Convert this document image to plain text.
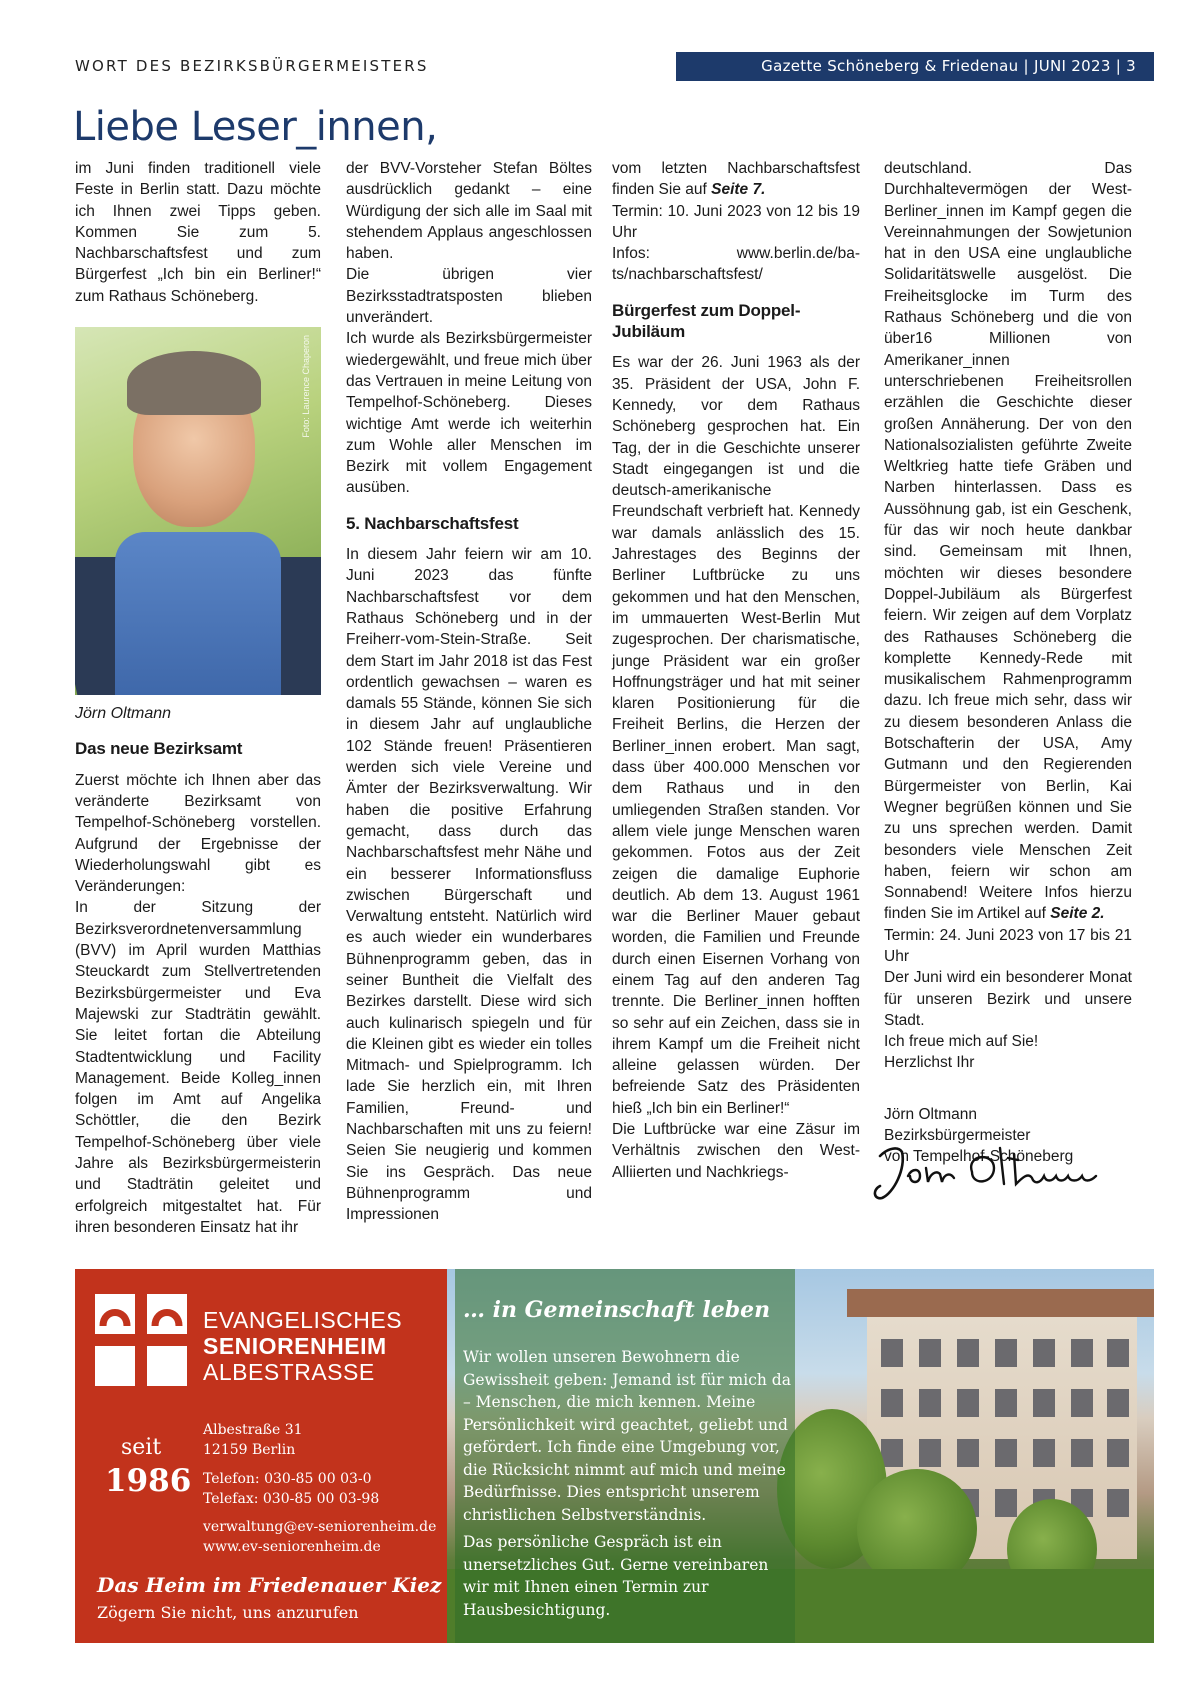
WORT DES BEZIRKSBÜRGERMEISTERS	Gazette Schöneberg & Friedenau | JUNI 2023 | 3
Liebe Leser_innen,

im Juni finden traditionell viele Feste in Berlin statt. Dazu möchte ich Ihnen zwei Tipps geben. Kommen Sie zum 5. Nachbarschaftsfest und zum Bürgerfest „Ich bin ein Berliner!“ zum Rathaus Schöneberg.

Foto: Laurence Chaperon

Jörn Oltmann

Das neue Bezirksamt

Zuerst möchte ich Ihnen aber das veränderte Bezirksamt von Tempelhof-Schöneberg vorstellen. Aufgrund der Ergebnisse der Wiederholungswahl gibt es Veränderungen:

In der Sitzung der Bezirksverordnetenversammlung (BVV) im April wurden Matthias Steuckardt zum Stellvertretenden Bezirksbürgermeister und Eva Majewski zur Stadträtin gewählt. Sie leitet fortan die Abteilung Stadtentwicklung und Facility Management. Beide Kolleg_innen folgen im Amt auf Angelika Schöttler, die den Bezirk Tempelhof-Schöneberg über viele Jahre als Bezirksbürgermeisterin und Stadträtin geleitet und erfolgreich mitgestaltet hat. Für ihren besonderen Einsatz hat ihr

der BVV-Vorsteher Stefan Böltes ausdrücklich gedankt – eine Würdigung der sich alle im Saal mit stehendem Applaus angeschlossen haben.

Die übrigen vier Bezirksstadtratsposten blieben unverändert.

Ich wurde als Bezirksbürgermeister wiedergewählt, und freue mich über das Vertrauen in meine Leitung von Tempelhof-Schöneberg. Dieses wichtige Amt werde ich weiterhin zum Wohle aller Menschen im Bezirk mit vollem Engagement ausüben.

5. Nachbarschaftsfest

In diesem Jahr feiern wir am 10. Juni 2023 das fünfte Nachbarschaftsfest vor dem Rathaus Schöneberg und in der Freiherr-vom-Stein-Straße. Seit dem Start im Jahr 2018 ist das Fest ordentlich gewachsen – waren es damals 55 Stände, können Sie sich in diesem Jahr auf unglaubliche 102 Stände freuen! Präsentieren werden sich viele Vereine und Ämter der Bezirksverwaltung. Wir haben die positive Erfahrung gemacht, dass durch das Nachbarschaftsfest mehr Nähe und ein besserer Informationsfluss zwischen Bürgerschaft und Verwaltung entsteht. Natürlich wird es auch wieder ein wunderbares Bühnenprogramm geben, das in seiner Buntheit die Vielfalt des Bezirkes darstellt. Diese wird sich auch kulinarisch spiegeln und für die Kleinen gibt es wieder ein tolles Mitmach- und Spielprogramm. Ich lade Sie herzlich ein, mit Ihren Familien, Freund- und Nachbarschaften mit uns zu feiern! Seien Sie neugierig und kommen Sie ins Gespräch. Das neue Bühnenprogramm und Impressionen

vom letzten Nachbarschaftsfest finden Sie auf Seite 7.

Termin: 10. Juni 2023 von 12 bis 19 Uhr

Infos: www.berlin.de/ba-ts/nachbarschaftsfest/

Bürgerfest zum Doppel-Jubiläum

Es war der 26. Juni 1963 als der 35. Präsident der USA, John F. Kennedy, vor dem Rathaus Schöneberg gesprochen hat. Ein Tag, der in die Geschichte unserer Stadt eingegangen ist und die deutsch-amerikanische Freundschaft verbrieft hat. Kennedy war damals anlässlich des 15. Jahrestages des Beginns der Berliner Luftbrücke zu uns gekommen und hat den Menschen, im ummauerten West-Berlin Mut zugesprochen. Der charismatische, junge Präsident war ein großer Hoffnungsträger und hat mit seiner klaren Positionierung für die Freiheit Berlins, die Herzen der Berliner_innen erobert. Man sagt, dass über 400.000 Menschen vor dem Rathaus und in den umliegenden Straßen standen. Vor allem viele junge Menschen waren gekommen. Fotos aus der Zeit zeigen die damalige Euphorie deutlich. Ab dem 13. August 1961 war die Berliner Mauer gebaut worden, die Familien und Freunde durch einen Eisernen Vorhang von einem Tag auf den anderen Tag trennte. Die Berliner_innen hofften so sehr auf ein Zeichen, dass sie in ihrem Kampf um die Freiheit nicht alleine gelassen würden. Der befreiende Satz des Präsidenten hieß „Ich bin ein Berliner!“

Die Luftbrücke war eine Zäsur im Verhältnis zwischen den West-Alliierten und Nachkriegs-

deutschland. Das Durchhaltevermögen der West-Berliner_innen im Kampf gegen die Vereinnahmungen der Sowjetunion hat in den USA eine unglaubliche Solidaritätswelle ausgelöst. Die Freiheitsglocke im Turm des Rathaus Schöneberg und die von über16 Millionen von Amerikaner_innen unterschriebenen Freiheitsrollen erzählen die Geschichte dieser großen Annäherung. Der von den Nationalsozialisten geführte Zweite Weltkrieg hatte tiefe Gräben und Narben hinterlassen. Dass es Aussöhnung gab, ist ein Geschenk, für das wir noch heute dankbar sind. Gemeinsam mit Ihnen, möchten wir dieses besondere Doppel-Jubiläum als Bürgerfest feiern. Wir zeigen auf dem Vorplatz des Rathauses Schöneberg die komplette Kennedy-Rede mit musikalischem Rahmenprogramm dazu. Ich freue mich sehr, dass wir zu diesem besonderen Anlass die Botschafterin der USA, Amy Gutmann und den Regierenden Bürgermeister von Berlin, Kai Wegner begrüßen können und Sie zu uns sprechen werden. Damit besonders viele Menschen Zeit haben, feiern wir schon am Sonnabend! Weitere Infos hierzu finden Sie im Artikel auf Seite 2.

Termin: 24. Juni 2023 von 17 bis 21 Uhr

Der Juni wird ein besonderer Monat für unseren Bezirk und unsere Stadt.

Ich freue mich auf Sie!

Herzlichst Ihr

Jörn Oltmann

Bezirksbürgermeister

von Tempelhof-Schöneberg

EVANGELISCHES
SENIORENHEIM
ALBESTRASSE
seit
1986
Albestraße 31
12159 Berlin
Telefon: 030-85 00 03-0
Telefax: 030-85 00 03-98
verwaltung@ev-seniorenheim.de
www.ev-seniorenheim.de
Das Heim im Friedenauer Kiez
Zögern Sie nicht, uns anzurufen
… in Gemeinschaft leben
Wir wollen unseren Bewohnern die Gewissheit geben: Jemand ist für mich da – Menschen, die mich kennen. Meine Persönlichkeit wird geachtet, geliebt und gefördert. Ich finde eine Umgebung vor, die Rücksicht nimmt auf mich und meine Bedürfnisse. Dies entspricht unserem christlichen Selbstverständnis.
Das persönliche Gespräch ist ein unersetzliches Gut. Gerne vereinbaren wir mit Ihnen einen Termin zur Hausbesichtigung.
